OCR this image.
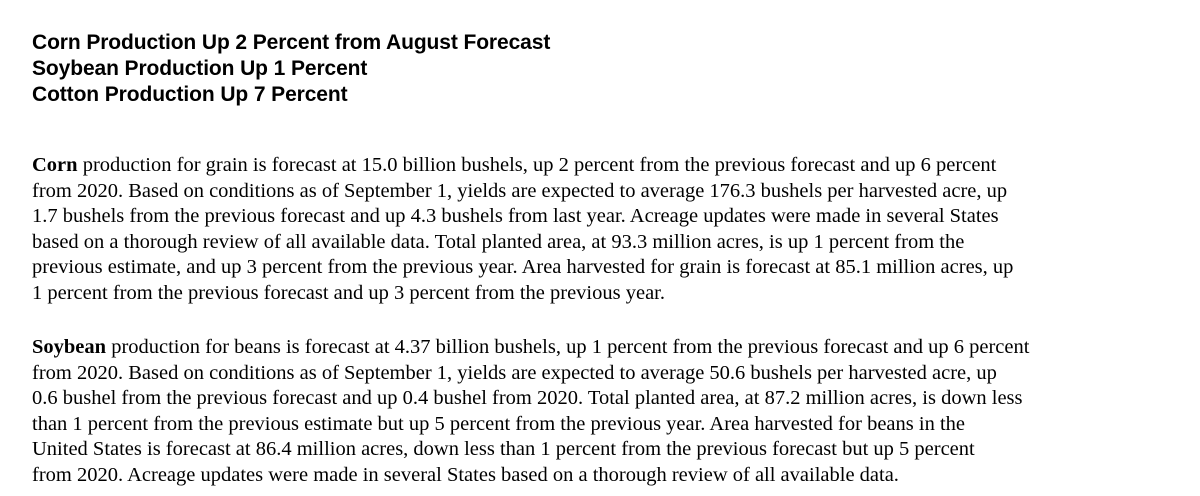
Corn Production Up 2 Percent from August Forecast
Soybean Production Up 1 Percent
Cotton Production Up 7 Percent
Corn production for grain is forecast at 15.0 billion bushels, up 2 percent from the previous forecast and up 6 percent
from 2020. Based on conditions as of September 1, yields are expected to average 176.3 bushels per harvested acre, up
1.7 bushels from the previous forecast and up 4.3 bushels from last year. Acreage updates were made in several States
based on a thorough review of all available data. Total planted area, at 93.3 million acres, is up 1 percent from the
previous estimate, and up 3 percent from the previous year. Area harvested for grain is forecast at 85.1 million acres, up
1 percent from the previous forecast and up 3 percent from the previous year.
Soybean production for beans is forecast at 4.37 billion bushels, up 1 percent from the previous forecast and up 6 percent
from 2020. Based on conditions as of September 1, yields are expected to average 50.6 bushels per harvested acre, up
0.6 bushel from the previous forecast and up 0.4 bushel from 2020. Total planted area, at 87.2 million acres, is down less
than 1 percent from the previous estimate but up 5 percent from the previous year. Area harvested for beans in the
United States is forecast at 86.4 million acres, down less than 1 percent from the previous forecast but up 5 percent
from 2020. Acreage updates were made in several States based on a thorough review of all available data.
